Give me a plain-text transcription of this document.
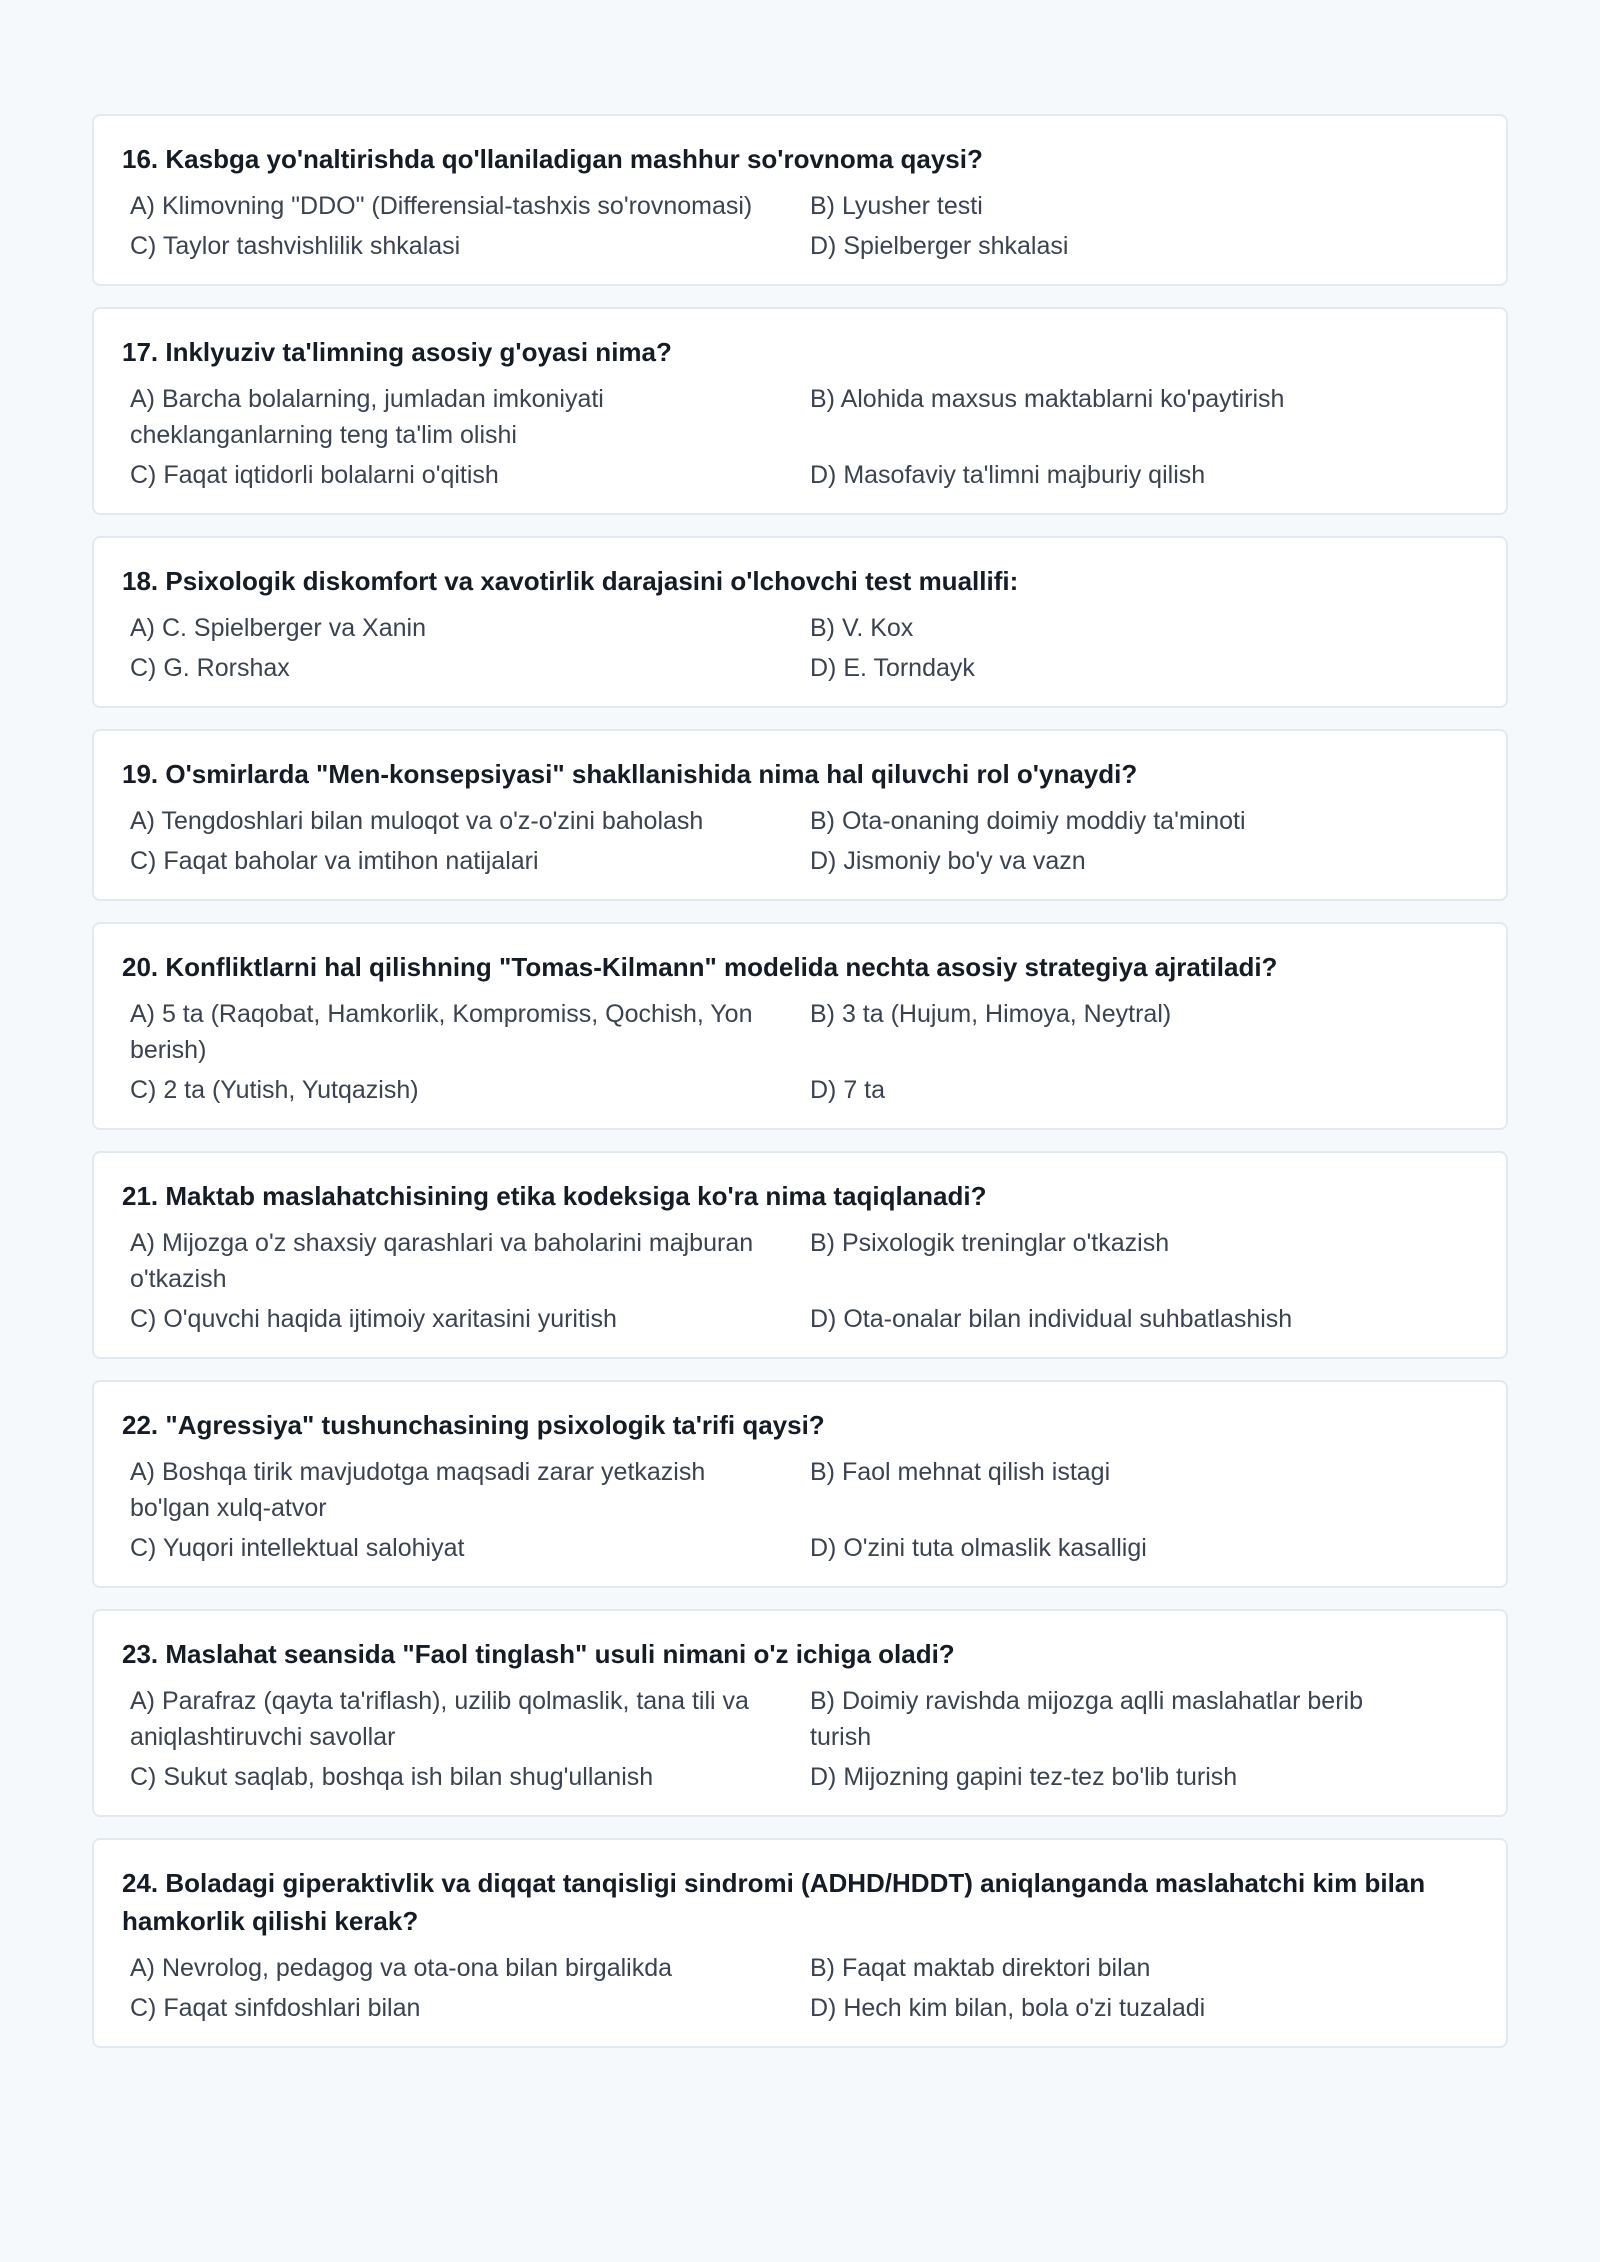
16. Kasbga yo'naltirishda qo'llaniladigan mashhur so'rovnoma qaysi?
A) Klimovning "DDO" (Differensial-tashxis so'rovnomasi)	B) Lyusher testi
C) Taylor tashvishlilik shkalasi	D) Spielberger shkalasi
17. Inklyuziv ta'limning asosiy g'oyasi nima?
A) Barcha bolalarning, jumladan imkoniyati cheklanganlarning teng ta'lim olishi
B) Alohida maxsus maktablarni ko'paytirish
C) Faqat iqtidorli bolalarni o'qitish	D) Masofaviy ta'limni majburiy qilish
18. Psixologik diskomfort va xavotirlik darajasini o'lchovchi test muallifi:
A) C. Spielberger va Xanin	B) V. Kox
C) G. Rorshax	D) E. Torndayk
19. O'smirlarda "Men-konsepsiyasi" shakllanishida nima hal qiluvchi rol o'ynaydi?
A) Tengdoshlari bilan muloqot va o'z-o'zini baholash	B) Ota-onaning doimiy moddiy ta'minoti
C) Faqat baholar va imtihon natijalari	D) Jismoniy bo'y va vazn
20. Konfliktlarni hal qilishning "Tomas-Kilmann" modelida nechta asosiy strategiya ajratiladi?
A) 5 ta (Raqobat, Hamkorlik, Kompromiss, Qochish, Yon berish)
B) 3 ta (Hujum, Himoya, Neytral)
C) 2 ta (Yutish, Yutqazish)	D) 7 ta
21. Maktab maslahatchisining etika kodeksiga ko'ra nima taqiqlanadi?
A) Mijozga o'z shaxsiy qarashlari va baholarini majburan o'tkazish
B) Psixologik treninglar o'tkazish
C) O'quvchi haqida ijtimoiy xaritasini yuritish	D) Ota-onalar bilan individual suhbatlashish
22. "Agressiya" tushunchasining psixologik ta'rifi qaysi?
A) Boshqa tirik mavjudotga maqsadi zarar yetkazish bo'lgan xulq-atvor
B) Faol mehnat qilish istagi
C) Yuqori intellektual salohiyat	D) O'zini tuta olmaslik kasalligi
23. Maslahat seansida "Faol tinglash" usuli nimani o'z ichiga oladi?
A) Parafraz (qayta ta'riflash), uzilib qolmaslik, tana tili va aniqlashtiruvchi savollar
B) Doimiy ravishda mijozga aqlli maslahatlar berib turish
C) Sukut saqlab, boshqa ish bilan shug'ullanish	D) Mijozning gapini tez-tez bo'lib turish
24. Boladagi giperaktivlik va diqqat tanqisligi sindromi (ADHD/HDDT) aniqlanganda maslahatchi kim bilan hamkorlik qilishi kerak?
A) Nevrolog, pedagog va ota-ona bilan birgalikda	B) Faqat maktab direktori bilan
C) Faqat sinfdoshlari bilan	D) Hech kim bilan, bola o'zi tuzaladi
